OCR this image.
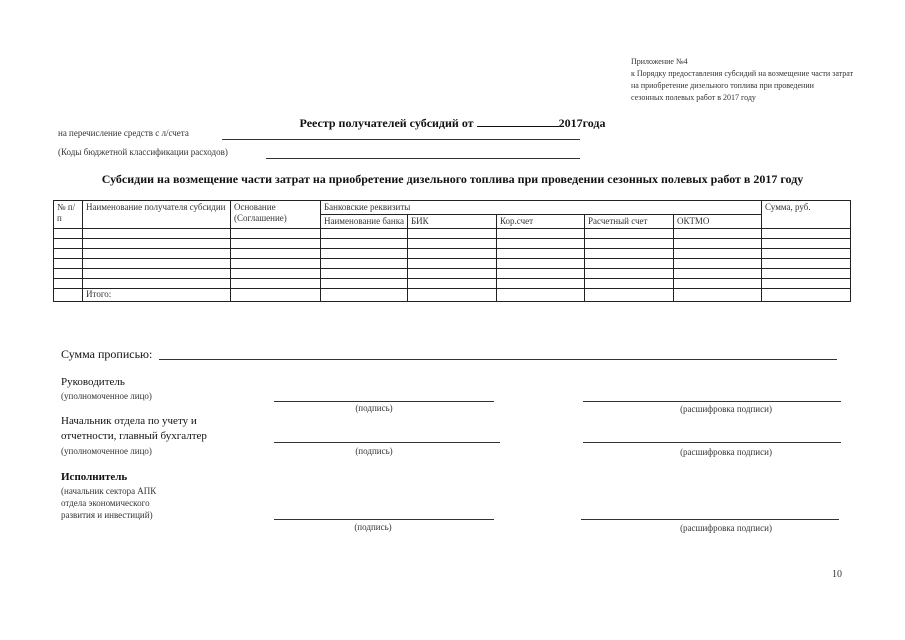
Приложение №4
к Порядку предоставления субсидий на возмещение части затрат
на приобретение дизельного топлива при проведении
сезонных полевых работ в 2017 году
Реестр получателей субсидий от	2017года
на перечисление средств с л/счета
(Коды бюджетной классификации расходов)
Субсидии на возмещение части затрат на приобретение дизельного топлива при проведении сезонных полевых работ в 2017 году
№ п/п	Наименование получателя субсидии	Основание (Соглашение)	Банковские реквизиты					Сумма, руб.
			Наименование банка	БИК	Кор.счет	Расчетный счет	ОКТМО	

	Итого:							
Сумма прописью:
Руководитель
(уполномоченное лицо)
(подпись)	(расшифровка подписи)
Начальник отдела по учету и
отчетности, главный бухгалтер
(уполномоченное лицо)	(подпись)	(расшифровка подписи)
Исполнитель
(начальник сектора АПК
отдела экономического
развития и инвестиций)
(подпись)	(расшифровка подписи)
10
